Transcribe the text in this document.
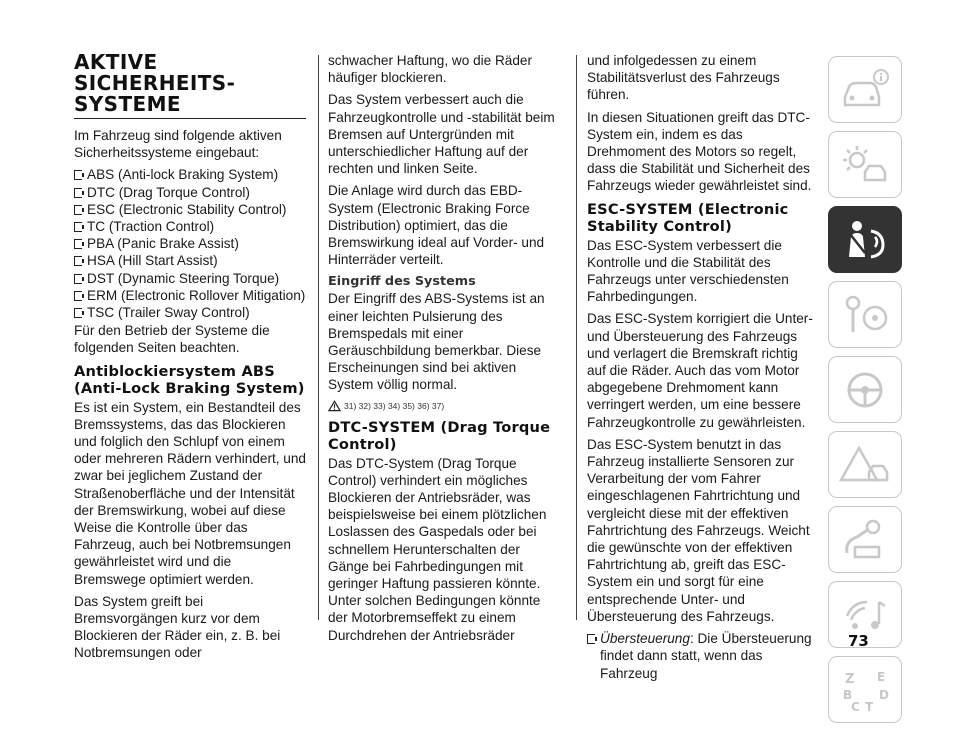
AKTIVE SICHERHEITS-SYSTEME

Im Fahrzeug sind folgende aktiven Sicherheitssysteme eingebaut:

ABS (Anti-lock Braking System)
DTC (Drag Torque Control)
ESC (Electronic Stability Control)
TC (Traction Control)
PBA (Panic Brake Assist)
HSA (Hill Start Assist)
DST (Dynamic Steering Torque)
ERM (Electronic Rollover Mitigation)
TSC (Trailer Sway Control)

Für den Betrieb der Systeme die folgenden Seiten beachten.

Antiblockiersystem ABS (Anti-Lock Braking System)

Es ist ein System, ein Bestandteil des Bremssystems, das das Blockieren und folglich den Schlupf von einem oder mehreren Rädern verhindert, und zwar bei jeglichem Zustand der Straßenoberfläche und der Intensität der Bremswirkung, wobei auf diese Weise die Kontrolle über das Fahrzeug, auch bei Notbremsungen gewährleistet wird und die Bremswege optimiert werden.

Das System greift bei Bremsvorgängen kurz vor dem Blockieren der Räder ein, z. B. bei Notbremsungen oder

schwacher Haftung, wo die Räder häufiger blockieren.

Das System verbessert auch die Fahrzeugkontrolle und -stabilität beim Bremsen auf Untergründen mit unterschiedlicher Haftung auf der rechten und linken Seite.

Die Anlage wird durch das EBD-System (Electronic Braking Force Distribution) optimiert, das die Bremswirkung ideal auf Vorder- und Hinterräder verteilt.

Eingriff des Systems

Der Eingriff des ABS-Systems ist an einer leichten Pulsierung des Bremspedals mit einer Geräuschbildung bemerkbar. Diese Erscheinungen sind bei aktiven System völlig normal.

31) 32) 33) 34) 35) 36) 37)
DTC-SYSTEM (Drag Torque Control)

Das DTC-System (Drag Torque Control) verhindert ein mögliches Blockieren der Antriebsräder, was beispielsweise bei einem plötzlichen Loslassen des Gaspedals oder bei schnellem Herunterschalten der Gänge bei Fahrbedingungen mit geringer Haftung passieren könnte. Unter solchen Bedingungen könnte der Motorbremseffekt zu einem Durchdrehen der Antriebsräder

und infolgedessen zu einem Stabilitätsverlust des Fahrzeugs führen.

In diesen Situationen greift das DTC-System ein, indem es das Drehmoment des Motors so regelt, dass die Stabilität und Sicherheit des Fahrzeugs wieder gewährleistet sind.

ESC-SYSTEM (Electronic Stability Control)

Das ESC-System verbessert die Kontrolle und die Stabilität des Fahrzeugs unter verschiedensten Fahrbedingungen.

Das ESC-System korrigiert die Unter- und Übersteuerung des Fahrzeugs und verlagert die Bremskraft richtig auf die Räder. Auch das vom Motor abgegebene Drehmoment kann verringert werden, um eine bessere Fahrzeugkontrolle zu gewährleisten.

Das ESC-System benutzt in das Fahrzeug installierte Sensoren zur Verarbeitung der vom Fahrer eingeschlagenen Fahrtrichtung und vergleicht diese mit der effektiven Fahrtrichtung des Fahrzeugs. Weicht die gewünschte von der effektiven Fahrtrichtung ab, greift das ESC-System ein und sorgt für eine entsprechende Unter- und Übersteuerung des Fahrzeugs.

Übersteuerung: Die Übersteuerung findet dann statt, wenn das Fahrzeug	Z E
B D
C T
73
